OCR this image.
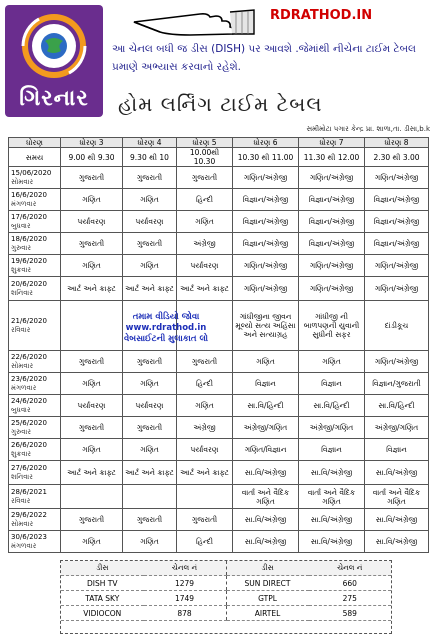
ગિરનાર
RDRATHOD.IN
આ ચેનલ બધી જ ડીસ (DISH) પર આવશે .જેમાંથી નીચેના ટાઈમ ટેબલ પ્રમાણે અભ્યાસ કરવાનો રહેશે.
હોમ લર્નિંગ ટાઈમ ટેબલ
સમીમોટા પગાર કેન્દ્ર પ્રા. શાળા,તા. ડીસા,b.k
ધોરણ	ધોરણ 3	ધોરણ 4	ધોરણ 5	ધોરણ 6	ધોરણ 7	ધોરણ 8
સમય	9.00 થી 9.30	9.30 થી 10	10.00થી 10.30	10.30 થી 11.00	11.30 થી 12.00	2.30 થી 3.00

15/06/2020
સોમવાર	ગુજરાતી	ગુજરાતી	ગુજરાતી	ગણિત/અંગ્રેજી	ગણિત/અંગ્રેજી	ગણિત/અંગ્રેજી

16/6/2020
મંગળવાર	ગણિત	ગણિત	હિન્દી	વિજ્ઞાન/અંગ્રેજી	વિજ્ઞાન/અંગ્રેજી	વિજ્ઞાન/અંગ્રેજી

17/6/2020
બુધવાર	પર્યાવરણ	પર્યાવરણ	ગણિત	વિજ્ઞાન/અંગ્રેજી	વિજ્ઞાન/અંગ્રેજી	વિજ્ઞાન/અંગ્રેજી

18/6/2020
ગુરુવાર	ગુજરાતી	ગુજરાતી	અંગ્રેજી	વિજ્ઞાન/અંગ્રેજી	વિજ્ઞાન/અંગ્રેજી	વિજ્ઞાન/અંગ્રેજી

19/6/2020
શુક્રવાર	ગણિત	ગણિત	પર્યાવરણ	ગણિત/અંગ્રેજી	ગણિત/અંગ્રેજી	ગણિત/અંગ્રેજી

20/6/2020
શનિવાર	આર્ટ અને ક્રાફ્ટ	આર્ટ અને ક્રાફ્ટ	આર્ટ અને ક્રાફ્ટ	ગણિત/અંગ્રેજી	ગણિત/અંગ્રેજી	ગણિત/અંગ્રેજી

21/6/2020
રવિવાર				ગાંધીજીના જીવન મૂલ્યો સત્ય અહિંસા અને સત્યાગ્રહ	ગાંધીજી ની બાળપણની યુવાની સુધીની સફર	દાંડીકૂચ

22/6/2020
સોમવાર	ગુજરાતી	ગુજરાતી	ગુજરાતી	ગણિત	ગણિત	ગણિત/અંગ્રેજી

23/6/2020
મંગળવાર	ગણિત	ગણિત	હિન્દી	વિજ્ઞાન	વિજ્ઞાન	વિજ્ઞાન/ગુજરાતી

24/6/2020
બુધવાર	પર્યાવરણ	પર્યાવરણ	ગણિત	સા.વિ/હિન્દી	સા.વિ/હિન્દી	સા.વિ/હિન્દી

25/6/2020
ગુરુવાર	ગુજરાતી	ગુજરાતી	અંગ્રેજી	અંગ્રેજી/ગણિત	અંગ્રેજી/ગણિત	અંગ્રેજી/ગણિત

26/6/2020
શુક્રવાર	ગણિત	ગણિત	પર્યાવરણ	ગણિત/વિજ્ઞાન	વિજ્ઞાન	વિજ્ઞાન

27/6/2020
શનિવાર	આર્ટ અને ક્રાફ્ટ	આર્ટ અને ક્રાફ્ટ	આર્ટ અને ક્રાફ્ટ	સા.વિ/અંગ્રેજી	સા.વિ/અંગ્રેજી	સા.વિ/અંગ્રેજી

28/6/2021
રવિવાર				વાર્તા અને વૈદિક ગણિત	વાર્તા અને વૈદિક ગણિત	વાર્તા અને વૈદિક ગણિત

29/6/2022
સોમવાર	ગુજરાતી	ગુજરાતી	ગુજરાતી	સા.વિ/અંગ્રેજી	સા.વિ/અંગ્રેજી	સા.વિ/અંગ્રેજી

30/6/2023
મંગળવાર	ગણિત	ગણિત	હિન્દી	સા.વિ/અંગ્રેજી	સા.વિ/અંગ્રેજી	સા.વિ/અંગ્રેજી
તમામ વીડિયો જોવા
www.rdrathod.in
વેબસાઈટની મુલાકાત લો
ડીસ	ચેનલ નં	ડીસ	ચેનલ નં
DISH TV	1279	SUN DIRECT	660
TATA SKY	1749	GTPL	275
VIDIOCON	878	AIRTEL	589
